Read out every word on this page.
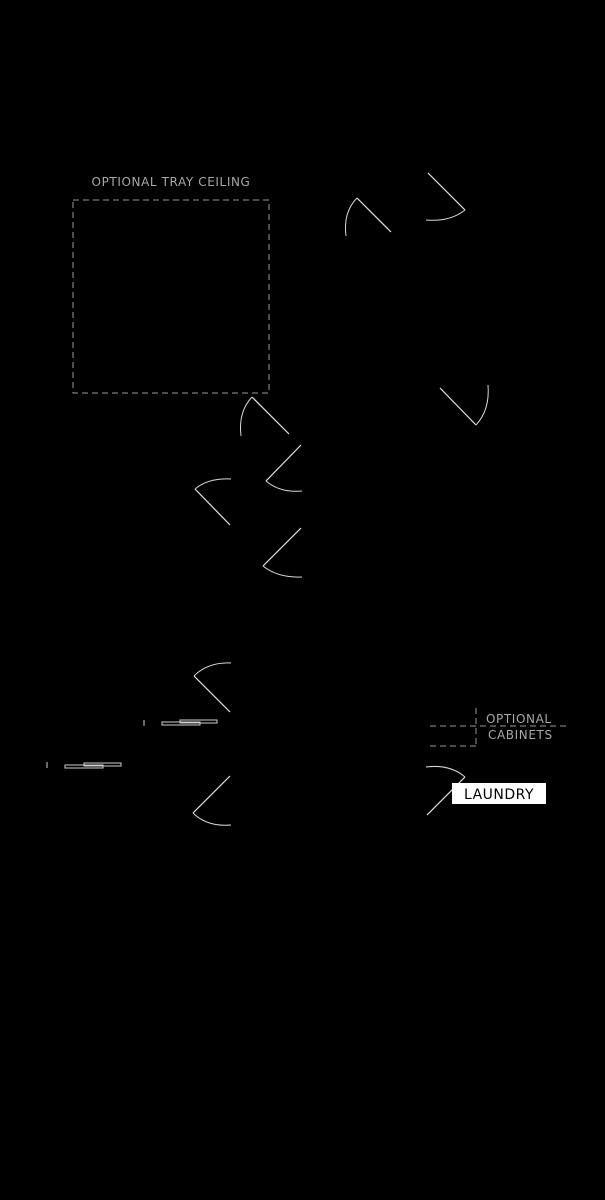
OPTIONAL TRAY CEILING
OPTIONAL
CABINETS
LAUNDRY
